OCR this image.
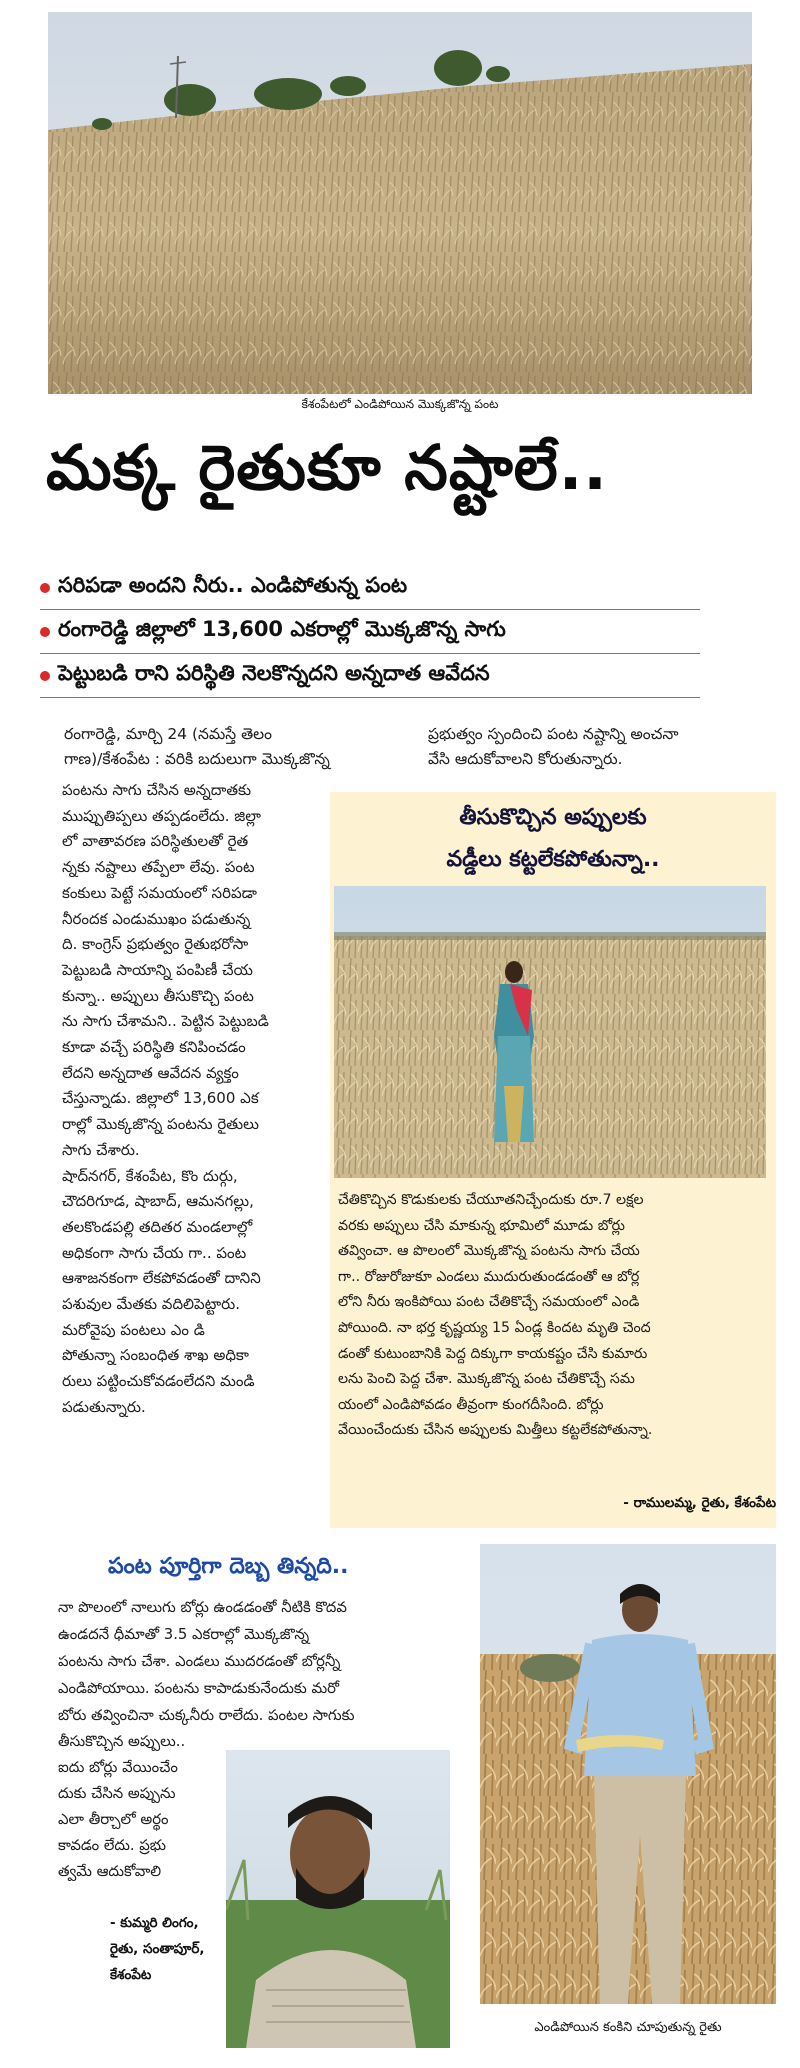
కేశంపేటలో ఎండిపోయిన మొక్కజొన్న పంట
మక్క రైతుకూ నష్టాలే..
సరిపడా అందని నీరు.. ఎండిపోతున్న పంట
రంగారెడ్డి జిల్లాలో 13,600 ఎకరాల్లో మొక్కజొన్న సాగు
పెట్టుబడి రాని పరిస్థితి నెలకొన్నదని అన్నదాత ఆవేదన
రంగారెడ్డి, మార్చి 24 (నమస్తే తెలం
గాణ)/కేశంపేట : వరికి బదులుగా మొక్కజొన్న
ప్రభుత్వం స్పందించి పంట నష్టాన్ని అంచనా
వేసి ఆదుకోవాలని కోరుతున్నారు.
పంటను సాగు చేసిన అన్నదాతకు
ముప్పుతిప్పలు తప్పడంలేదు. జిల్లా
లో వాతావరణ పరిస్థితులతో రైత
న్నకు నష్టాలు తప్పేలా లేవు. పంట
కంకులు పెట్టే సమయంలో సరిపడా
నీరందక ఎండుముఖం పడుతున్న
ది. కాంగ్రెస్ ప్రభుత్వం రైతుభరోసా
పెట్టుబడి సాయాన్ని పంపిణీ చేయ
కున్నా.. అప్పులు తీసుకొచ్చి పంట
ను సాగు చేశామని.. పెట్టిన పెట్టుబడి
కూడా వచ్చే పరిస్థితి కనిపించడం
లేదని అన్నదాత ఆవేదన వ్యక్తం
చేస్తున్నాడు. జిల్లాలో 13,600 ఎక
రాల్లో మొక్కజొన్న పంటను రైతులు
సాగు చేశారు.
షాద్‌నగర్, కేశంపేట, కొం దుర్గు,
చౌదరిగూడ, షాబాద్, ఆమనగల్లు,
తలకొండపల్లి తదితర మండలాల్లో
అధికంగా సాగు చేయ గా.. పంట
ఆశాజనకంగా లేకపోవడంతో దానిని
పశువుల మేతకు వదిలిపెట్టారు.
మరోవైపు పంటలు ఎం డి
పోతున్నా సంబంధిత శాఖ అధికా
రులు పట్టించుకోవడంలేదని మండి
పడుతున్నారు.
తీసుకొచ్చిన అప్పులకు
వడ్డీలు కట్టలేకపోతున్నా..
చేతికొచ్చిన కొడుకులకు చేయూతనిచ్చేందుకు రూ.7 లక్షల
వరకు అప్పులు చేసి మాకున్న భూమిలో మూడు బోర్లు
తవ్వించా. ఆ పొలంలో మొక్కజొన్న పంటను సాగు చేయ
గా.. రోజురోజుకూ ఎండలు ముదురుతుండడంతో ఆ బోర్ల
లోని నీరు ఇంకిపోయి పంట చేతికొచ్చే సమయంలో ఎండి
పోయింది. నా భర్త కృష్ణయ్య 15 ఏండ్ల కిందట మృతి చెంద
డంతో కుటుంబానికి పెద్ద దిక్కుగా కాయకష్టం చేసి కుమారు
లను పెంచి పెద్ద చేశా. మొక్కజొన్న పంట చేతికొచ్చే సమ
యంలో ఎండిపోవడం తీవ్రంగా కుంగదీసింది. బోర్లు
వేయించేందుకు చేసిన అప్పులకు మిత్తీలు కట్టలేకపోతున్నా.
- రాములమ్మ, రైతు, కేశంపేట
పంట పూర్తిగా దెబ్బ తిన్నది..
నా పొలంలో నాలుగు బోర్లు ఉండడంతో నీటికి కొదవ
ఉండదనే ధీమాతో 3.5 ఎకరాల్లో మొక్కజొన్న
పంటను సాగు చేశా. ఎండలు ముదరడంతో బోర్లన్నీ
ఎండిపోయాయి. పంటను కాపాడుకునేందుకు మరో
బోరు తవ్వించినా చుక్కనీరు రాలేదు. పంటల సాగుకు
తీసుకొచ్చిన అప్పులు..
ఐదు బోర్లు వేయించేం
దుకు చేసిన అప్పును
ఎలా తీర్చాలో అర్థం
కావడం లేదు. ప్రభు
త్వమే ఆదుకోవాలి
- కుమ్మరి లింగం,
రైతు, సంతాపూర్,
కేశంపేట
ఎండిపోయిన కంకిని చూపుతున్న రైతు
